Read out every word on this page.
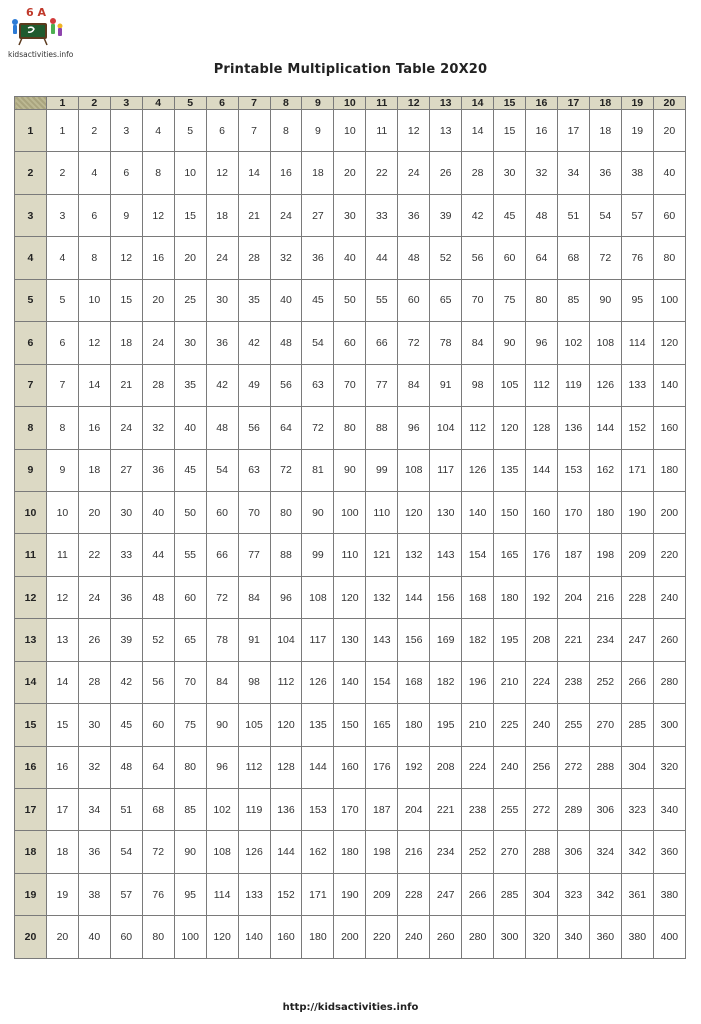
6 A
kidsactivities.info
Printable Multiplication Table 20X20
	1	2	3	4	5	6	7	8	9	10	11	12	13	14	15	16	17	18	19	20
1	1	2	3	4	5	6	7	8	9	10	11	12	13	14	15	16	17	18	19	20
2	2	4	6	8	10	12	14	16	18	20	22	24	26	28	30	32	34	36	38	40
3	3	6	9	12	15	18	21	24	27	30	33	36	39	42	45	48	51	54	57	60
4	4	8	12	16	20	24	28	32	36	40	44	48	52	56	60	64	68	72	76	80
5	5	10	15	20	25	30	35	40	45	50	55	60	65	70	75	80	85	90	95	100
6	6	12	18	24	30	36	42	48	54	60	66	72	78	84	90	96	102	108	114	120
7	7	14	21	28	35	42	49	56	63	70	77	84	91	98	105	112	119	126	133	140
8	8	16	24	32	40	48	56	64	72	80	88	96	104	112	120	128	136	144	152	160
9	9	18	27	36	45	54	63	72	81	90	99	108	117	126	135	144	153	162	171	180
10	10	20	30	40	50	60	70	80	90	100	110	120	130	140	150	160	170	180	190	200
11	11	22	33	44	55	66	77	88	99	110	121	132	143	154	165	176	187	198	209	220
12	12	24	36	48	60	72	84	96	108	120	132	144	156	168	180	192	204	216	228	240
13	13	26	39	52	65	78	91	104	117	130	143	156	169	182	195	208	221	234	247	260
14	14	28	42	56	70	84	98	112	126	140	154	168	182	196	210	224	238	252	266	280
15	15	30	45	60	75	90	105	120	135	150	165	180	195	210	225	240	255	270	285	300
16	16	32	48	64	80	96	112	128	144	160	176	192	208	224	240	256	272	288	304	320
17	17	34	51	68	85	102	119	136	153	170	187	204	221	238	255	272	289	306	323	340
18	18	36	54	72	90	108	126	144	162	180	198	216	234	252	270	288	306	324	342	360
19	19	38	57	76	95	114	133	152	171	190	209	228	247	266	285	304	323	342	361	380
20	20	40	60	80	100	120	140	160	180	200	220	240	260	280	300	320	340	360	380	400
http://kidsactivities.info
